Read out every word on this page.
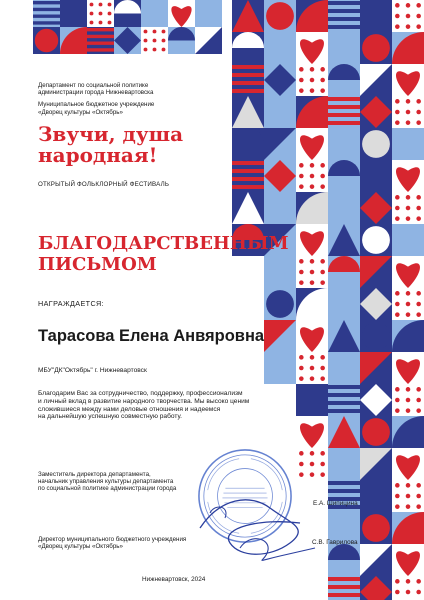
Департамент по социальной политике
администрации города Нижневартовска
Муниципальное бюджетное учреждение
«Дворец культуры «Октябрь»
Звучи, душа
народная!
ОТКРЫТЫЙ ФОЛЬКЛОРНЫЙ ФЕСТИВАЛЬ
БЛАГОДАРСТВЕННЫМ
ПИСЬМОМ
НАГРАЖДАЕТСЯ:
Тарасова Елена Анвяровна
МБУ"ДК"Октябрь" г. Нижневартовск
Благодарим Вас за сотрудничество, поддержку, профессионализм
и личный вклад в развитие народного творчества. Мы высоко ценим
сложившиеся между нами деловые отношения и надеемся
на дальнейшую успешную совместную работу.
Заместитель директора департамента,
начальник управления культуры департамента
по социальной политике администрации города
Е.А. Шипицина
Директор муниципального бюджетного учреждения
«Дворец культуры «Октябрь»
С.В. Гаврилова
Нижневартовск, 2024
